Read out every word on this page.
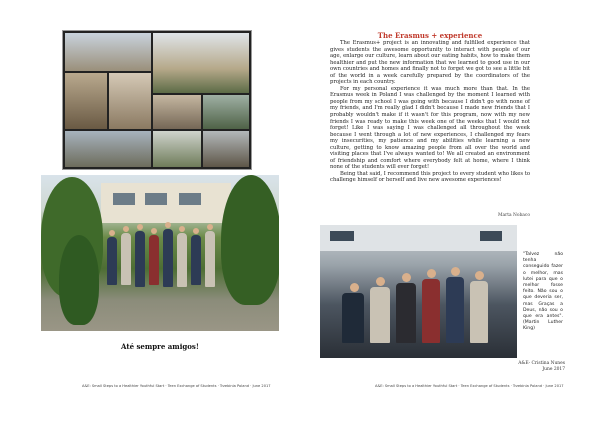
Até sempre amigos!

A&E: Small Steps to a Healthier Youthful Start · Teen Exchange of Students · Trzebinia Poland · June 2017

The Erasmus + experience

The Erasmus+ project is an innovating and fulfilled experience that gives students the awesome opportunity to interact with people of our age, enlarge our culture, learn about our eating habits, how to make them healthier and put the new information that we learned to good use in our own countries and homes and finally not to forget we got to see a little bit of the world in a week carefully prepared by the coordinators of the projects in each country.

For my personal experience it was much more than that. In the Erasmus week in Poland I was challenged by the moment I learned with people from my school I was going with because I didn't go with none of my friends, and I'm really glad I didn't because I made new friends that I probably wouldn't make if it wasn't for this program, now with my new friends I was ready to make this week one of the weeks that I would not forget! Like I was saying I was challenged all throughout the week because I went through a lot of new experiences, I challenged my fears my insecurities, my patience and my abilities while learning a new culture, getting to know amazing people from all over the world and visiting places that I've always wanted to! We all created an environment of friendship and comfort where everybody felt at home, where I think none of the students will ever forget!

Being that said, I recommend this project to every student who likes to challenge himself or herself and live new awesome experiences!

Marta Nobaco

"Talvez não tenha conseguido fazer o melhor, mas lutei para que o melhor fosse feito. Não sou o que deveria ser, mas Graças a Deus, não sou o que era antes". (Martin Luther King)

A&E- Cristina Nunes
June 2017

A&E: Small Steps to a Healthier Youthful Start · Teen Exchange of Students · Trzebinia Poland · June 2017
